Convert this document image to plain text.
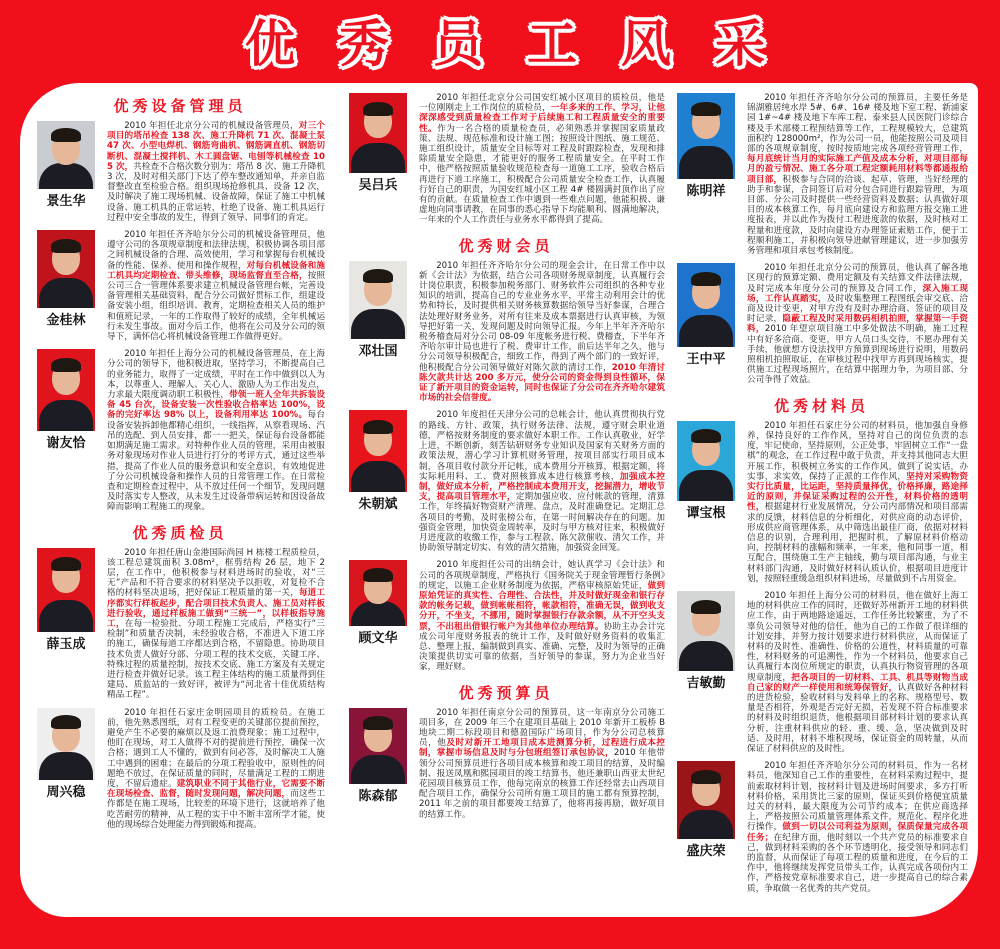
优 秀 员 工 风 采
优秀设备管理员
景生华
2010 年担任北京分公司的机械设备管理员，对三个项目的塔吊检查 138 次、施工升降机 71 次、混凝土泵 47 次、小型电焊机、钢筋弯曲机、钢筋调直机、钢筋切断机、混凝土搅拌机、木工圆盘锯、电刨等机械检查 105 次，共检查不合格次数分别为：塔吊 8 次、施工升降机 3 次，及时对相关部门下达了停车整改通知单，并亲自监督整改直至检验合格。组织现场抢修机具、设备 12 次，及时解决了施工现场机械、设备故障，保证了施工中机械设备、施工机具的正常运转，杜绝了设备、施工机具运行过程中安全事故的发生，得到了领导、同事们的肯定。
金桂林
2010 年担任齐齐哈尔分公司的机械设备管理员，他遵守公司的各项规章制度和法律法规，积极协调各项目部之间机械设备的合理、高效使用，学习和掌握每台机械设备的性能、保养、使用和操作规程，对每台机械设备和施工机具均定期检查、带头维修，现场监督直至合格，按照公司三合一管理体系要求建立机械设备管理台帐，完善设备管理相关基础资料，配合分公司做好贯标工作，组建设备安装小组，组织培训、教育，定期检查相关人员的维护和值班记录，一年的工作取得了较好的成绩，全年机械运行未发生事故。面对今后工作，他将在公司及分公司的领导下，满怀信心将机械设备管理工作做得更好。
谢友恰
2010 年担任上海分公司的机械设备管理员，在上海分公司的领导下，他积极进取，坚持学习，不断提高自己的业务能力，取得了一定成绩，平时在工作中做到以人为本，以尊重人、理解人、关心人、激励人为工作出发点，力求最大限度调动职工积极性，带领一班人全年共拆装设备 45 台次，设备安装一次性验收合格率达 100%，设备的完好率达 98% 以上，设备利用率达 100%。每台设备安装拆卸他都精心组织，一线指挥，从察看现场、汽吊的选配、到人员安排，都一一把关，保证每台设备都能如期满足施工需求。对特种作业人员的管理，采用由被服务对象现场对作业人员进行打分的考评方式，通过这些举措，提高了作业人员的服务意识和安全意识，有效地促进了分公司机械设备和操作人员的日常管理工作。在日常检查和定期检查过程中，从不放过任何一个细节，发现问题及时落实专人整改，从未发生过设备带病运转和因设备故障而影响工程施工的现象。
优秀质检员
薛玉成
2010 年担任唐山金港国际尚园 H 栋楼工程质检员，该工程总建筑面积 3.08m²，框剪结构 26 层，地下 2 层，在工作中，他积极参与材料进场时的验收，对“三无”产品和不符合要求的材料坚决予以拒收，对复检不合格的材料坚决退场，把好保证工程质量的第一关，每道工序都实行样板起步，配合项目技术负责人、施工员对样板进行验收，通过样板施工做到“三统一”，以样板指导施工，在每一检验批、分项工程施工完成后，严格实行“三检制”和质量否决制，未经验收合格，不准进入下道工序的施工，确保每道工序都达到合格，不留隐患。协助项目技术负责人做好分部、分项工程的技术交底，关键工序、特殊过程的质量控制，按技术交底、施工方案及有关规定进行检查并做好记录。该工程主体结构的施工质量得到住建局、质监站的一致好评，被评为“河北省十佳优质结构精品工程”。
周兴稳
2010 年担任石家庄金明园项目的质检员。在施工前，他先熟悉图纸，对有工程变更的关键部位提前预控，避免产生不必要的麻烦以及返工浪费现象；施工过程中，他盯在现场，对工人做得不对的提前进行预控，确保一次合格；遇到工人不懂的，做到有问必答，及时解决工人施工中遇到的困难；在最后的分项工程验收中，原则性的问题绝不放过，在保证质量的同时，尽量满足工程的工期进度，不留后遗症。建筑职业不同于其他行业，它需要不断在现场检查、监督，随时发现问题，解决问题，而这些工作都是在施工现场，比较差的环境下进行，这就培养了他吃苦耐劳的精神，从工程的实干中不断丰富所学才能，使他的现场综合处理能力得到锻炼和提高。
吴吕兵
2010 年担任北京分公司国安红城小区项目的质检员，他是一位刚刚走上工作岗位的质检员，一年多来的工作、学习，让他深深感受到质量检查工作对于后续施工和工程质量安全的重要性。作为一名合格的质量检查员，必须熟悉并掌握国家质量政策、法规、规范标准和设计施工图；按照设计图纸、施工规范、施工组织设计，质量安全目标等对工程及时跟踪检查，发现和排除质量安全隐患，才能更好的服务工程质量安全。在平时工作中，他严格按照质量验收规范检查每一道施工工序，验收合格后再进行下道工序施工，积极配合公司质量安全检查工作，认真履行好自己的职责，为国安红城小区工程 4# 楼圆满封顶作出了应有的贡献。在质量检查工作中遇到一些难点问题，他能积极、谦虚地向同事请教，在同事的悉心指导下均能顺利、圆满地解决，一年来的个人工作责任与业务水平都得到了提高。
优秀财会员
邓壮国
2010 年担任齐齐哈尔分公司的现金会计，在日常工作中以新《会计法》为依据，结合公司各项财务规章制度，认真履行会计岗位职责，积极参加税务部门、财务软件公司组织的各种专业知识的培训，提高自己的专业业务水平，平常主动利用会计的优势和特长，及时提供相关财务核算数据给领导当好参谋，合理合法处理好财务业务，对所有往来及成本票据进行认真审核，为领导把好第一关，发现问题及时向领导汇报。今年上半年齐齐哈尔税务稽查局对分公司 08-09 年度帐务进行税、费稽查，下半年齐齐哈尔审计局也进行了税、费审计工作，前后达半年之久，他与分公司领导积极配合，细致工作，得到了两个部门的一致好评，他积极配合分公司领导做好对陈欠款的清讨工作，2010 年清讨陈欠款共计达 200 多万元，使分公司的资金得到良性循环，保证了新开项目的资金运转，同时也保证了分公司在齐齐哈尔建筑市场的社会信誉度。
朱朝斌
2010 年度担任天津分公司的总帐会计，他认真贯彻执行党的路线、方针、政策，执行财务法律、法规，遵守财会职业道德，严格按财务制度的要求做好本职工作。工作认真敬业，好学上进，不断创新，刻苦钻研财务专业知识及国家有关财务方面的政策法规，潜心学习计算机财务管理，按项目部实行项目成本制，各项目收付款分开记帐，成本费用分开核算，根据定额，将实际耗用料、工、费对照核算成本进行核算考核，加强成本控制，做好成本分析，严格控制成本费用开支，挖掘潜力，增收节支，提高项目管理水平，定期加强应收、应付帐款的管理，清算工作，年终搞好物资财产清理、盘点，及时准确登记。定期汇总各项目的考勤，及时张榜公布，在第一时间解决存在的问题。加强资金管理，加快资金周转率，及时与甲方核对往来，积极做好月进度款的收缴工作，参与工程款、陈欠款催收、清欠工作，并协助领导制定切实、有效的清欠措施，加强资金回笼。
顾文华
2010 年度担任公司的出纳会计，她认真学习《会计法》和公司的各项规章制度，严格执行《国务院关于现金管理暂行条例》的规定，以施工企业财务制度为依据，严格审核原始凭证，做到原始凭证的真实性、合理性、合法性，并及时做好现金和银行存款的帐务记载，做到帐帐相符，帐款相符，准确无误，做到收支分开，不坐支，不挪用，随时掌握银行存款余额，从不开空头支票，不出租出借银行帐户为其他单位办理结算。协助主办会计完成公司年度财务报表的统计工作，及时做好财务资料的收集汇总、整理上报，编制做到真实、准确、完整，及时为领导的正确决策提供切实可靠的依据，当好领导的参谋，努力为企业当好家，理好财。
优秀预算员
陈森郁
2010 年担任南京分公司的预算员，这一年南京分公司施工项目多，在 2009 年三个在建项目基础上 2010 年新开工板桥 B 地块二期二标段项目和德盈国际广场项目，作为分公司总核算员，他及时对新开工地项目成本进测算分析，过程进行成本控制，掌握市场信息及时与分包班组签订承包协议，2010 年他带领分公司预算员进行各项目成本核算和竣工项目的结算，及时编制、报送凤凰和熙园项目的竣工结算书，他还兼职山西亚太世纪花园项目核算员工作，他每完南京的核算工作还经常去山西项目配合项目工作，确保分公司所有施工项目的施工都有预算控制，2011 年之前的项目都要竣工结算了，他将再接再励，做好项目的结算工作。
陈明祥
2010 年担任齐齐哈尔分公司的预算员，主要任务是锦湖雅居纯水岸 5#、6#、16# 楼及地下室工程、新浦家园 1#~4# 楼及地下车库工程、泰来县人民医院门诊综合楼及手术部楼工程预结算等工作，工程规模较大，总建筑面积约 128000m²，作为公司一员，他能按照公司及项目部的各项规章制度，按时按质地完成各项经营管理工作，每月底统计当月的实际施工产值及成本分析，对项目部每月的盈亏情况、施工各分项工程定额耗用材料等都通报给项目部，积极参与合同的洽谈、起草、管理，当好经理的助手和参谋，合同签订后对分包合同进行跟踪管理，为项目部、分公司及时提供一些经营资料及数据；认真做好项目的成本核算工作，每月底向建设方和监理方报交施工进度报表，并以此作为拨付工程进度款的依据，及时核对工程量和进度款，及时向建设方办理签证索赔工作，便于工程顺利施工，并积极向领导进献管理建议，进一步加强劳务管理和项目承包考核制度。
王中平
2010 年担任北京分公司的预算员，他认真了解各地区现行的预算定额、费用定额及有关结算文件法律法规，及时完成本年度分公司的预算及合同工作，深入施工现场，工作认真踏实，及时收集整理工程图纸会审交底、洽商及设计变更，对甲方没有及时办理洽商、签证的项目及时记录，隐蔽工程及时采用数码相机拍照，掌握第一手资料，2010 年望京项目施工中多处做法不明确，施工过程中有好多洽商、变更，甲方人员口头交待，不愿办理有关手续，他就想方设法找甲方预算到现场进行说明，用数码照相机拍照取证，在审核过程中找甲方再到现场核实，提供施工过程现场照片，在结算中据理力争，为项目部、分公司争得了效益。
优秀材料员
谭宝根
2010 年担任石家庄分公司的材料员，他加强自身修养，保持良好的工作作风，坚持对自己的岗位负责的态度，牢记使命，坚持原则，公正处事，牢固树立工作“一盘棋”的观念，在工作过程中敢于负责，并支持其他同志大胆开展工作，积极树立务实的工作作风，做到了说实话，办实事，求实效，保持了正派的工作作风，坚持对采购物资实行比质量，比运距，坚持质量择优，价格择廉，路途择近的原则，并保证采购过程的公开性，材料价格的透明性，根据建材行业发展情况，分公司内部情况和项目部需求的反馈，材料信息的分析细化，对供应商的动态评价，形成供应商管理体系，从中筛选出最佳厂商，依据对材料信息的识别，合理利用，把握时机，了解原材料价格动向，控制材料的涨幅和频率，一年来，他和同事一道，相互配合，围绕施工生产主轴线，勤与项目部沟通，与业主材料部门沟通，及时做好材料认质认价，根据项目进度计划，按照轻重缓急组织材料进场，尽量做到不占用资金。
吉敏勤
2010 年担任上海分公司的材料员，他在做好上海工地的材料供应工作的同时，还做好苏州新开工地的材料供应工作，由于两地路途遥远，工作任务比较繁重，为了不辜负公司领导对他的信任，他为自己的工作做了很详细的计划安排，并努力按计划要求进行材料供应，从而保证了材料的及时性、准确性、价格的公道性，材料质量的可靠性，材料财务的可追溯性，作为一个材料员，他要求自己认真履行本岗位所规定的职责，认真执行物资管理的各项规章制度，把各项目的一切材料、工具、机具等财物当成自己家的财产一样使用和统筹保管好，认真做好各种材料的进货检验，验收材料与发料单上的名称、规格型号、数量是否相符，外观是否完好无损，若发现不符合标准要求的材料及时组织退货，他根据项目部材料计划的要求认真分析，注重材料供应的轻、重、缓、急，坚决做到及时适、及时用，材料不堆积现场，保证资金的周转量，从而保证了材料供应的及时性。
盛庆荣
2010 年担任齐齐哈尔分公司的材料员，作为一名材料员，他深知自己工作的重要性，在材料采购过程中，提前索取材料计划，按材料计划及进场时间要求，多方打听材料价格，采用货比三家的原则，保证买到价格便宜质量过关的材料，最大限度为公司节约成本；在供应商选择上，严格按照公司质量管理体系文件，规范化、程序化进行操作，做到一切以公司利益为原则，保质保量完成各项任务；在纪律方面，他时刻以一个共产党员的标准要求自己，做到材料采购的各个环节透明化，接受领导和同志们的监督，从而保证了每项工程的质量和进度，在今后的工作中，他将继续发挥党员带头工作，认真完成各项份内工作，严格按党章标准要求自己，进一步提高自己的综合素质，争取做一名优秀的共产党员。
